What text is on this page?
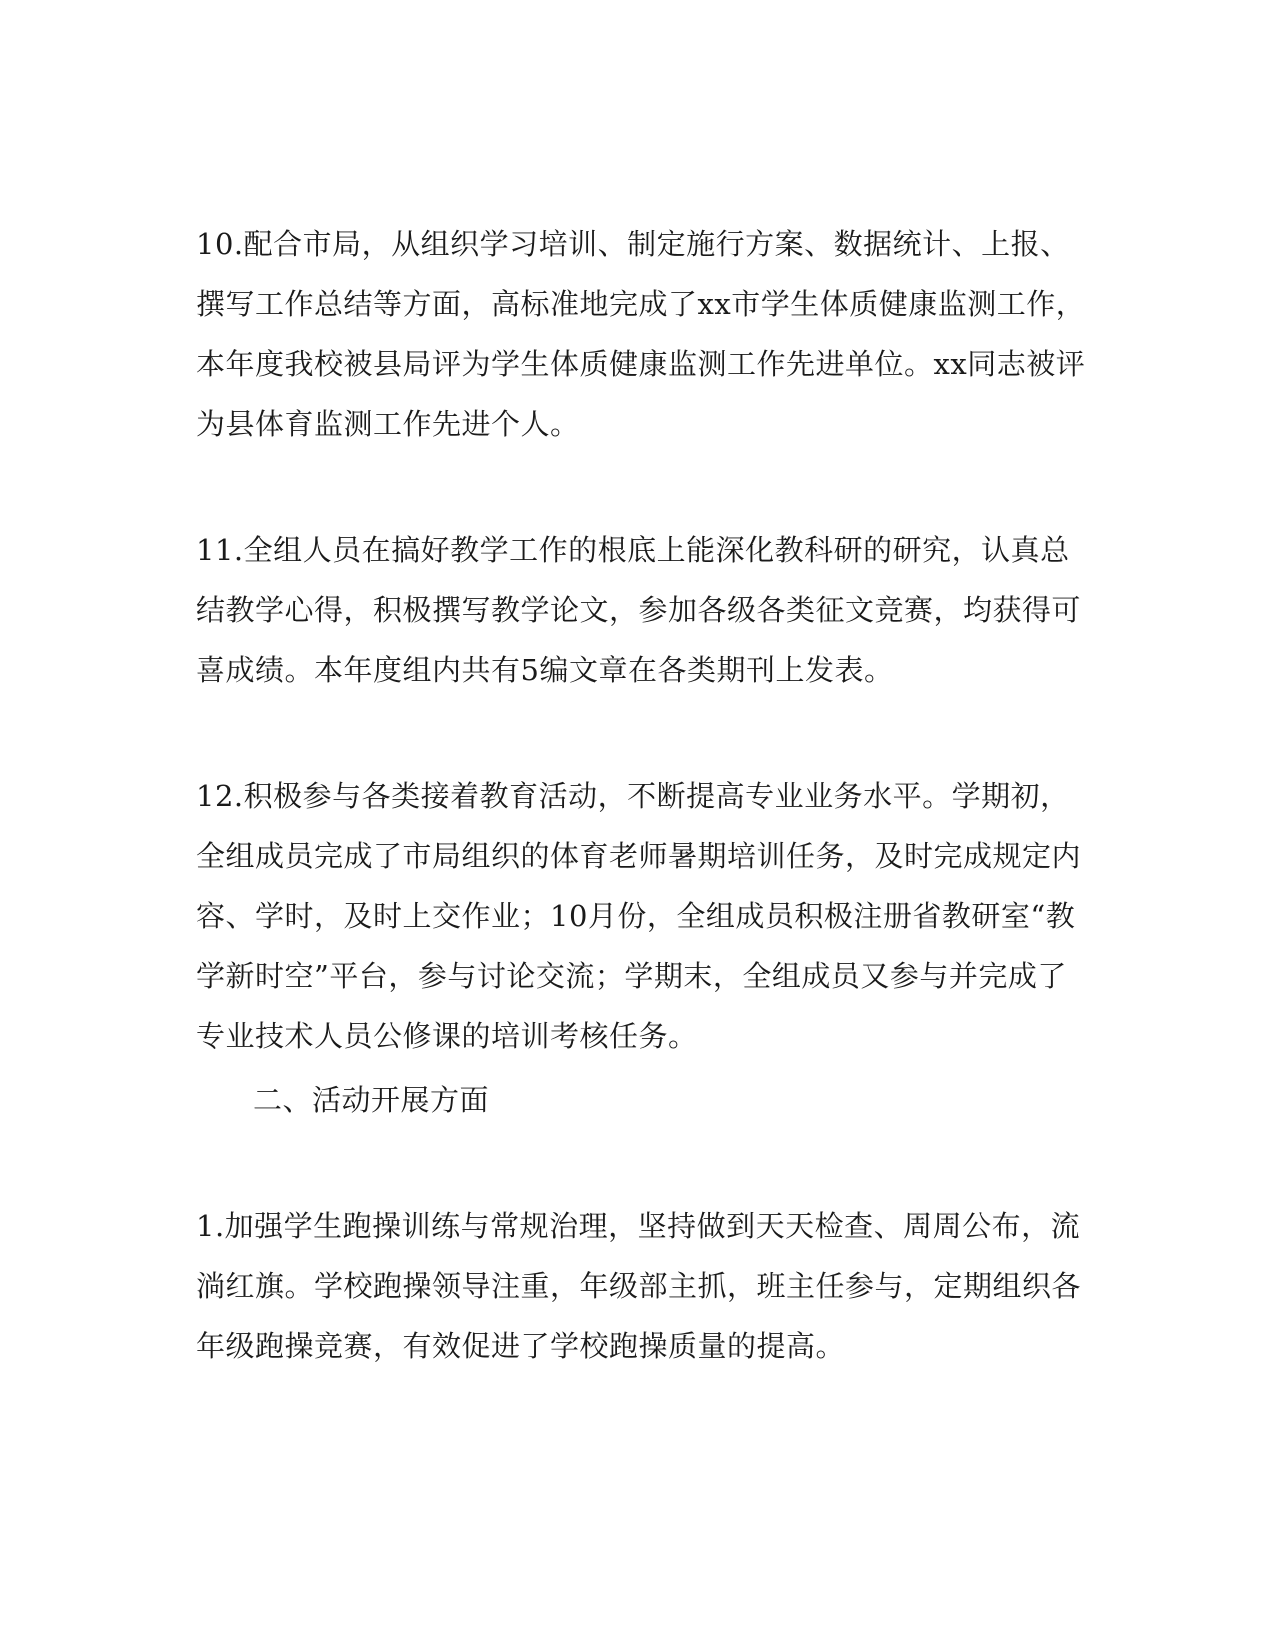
10.配合市局，从组织学习培训、制定施行方案、数据统计、上报、
撰写工作总结等方面，高标准地完成了xx市学生体质健康监测工作，
本年度我校被县局评为学生体质健康监测工作先进单位。xx同志被评
为县体育监测工作先进个人。
11.全组人员在搞好教学工作的根底上能深化教科研的研究，认真总
结教学心得，积极撰写教学论文，参加各级各类征文竞赛，均获得可
喜成绩。本年度组内共有5编文章在各类期刊上发表。
12.积极参与各类接着教育活动，不断提高专业业务水平。学期初，
全组成员完成了市局组织的体育老师暑期培训任务，及时完成规定内
容、学时，及时上交作业；10月份，全组成员积极注册省教研室“教
学新时空”平台，参与讨论交流；学期末，全组成员又参与并完成了
专业技术人员公修课的培训考核任务。
二、活动开展方面
1.加强学生跑操训练与常规治理，坚持做到天天检查、周周公布，流
淌红旗。学校跑操领导注重，年级部主抓，班主任参与，定期组织各
年级跑操竞赛，有效促进了学校跑操质量的提高。
